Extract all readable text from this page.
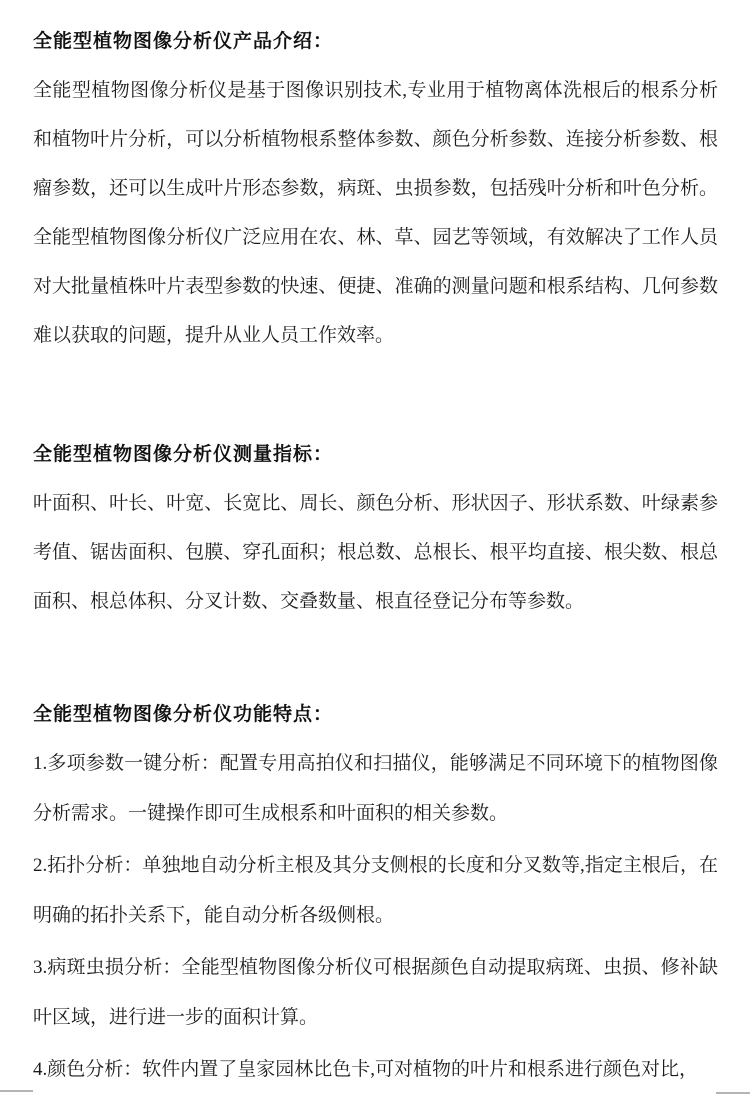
全能型植物图像分析仪产品介绍：

全能型植物图像分析仪是基于图像识别技术,专业用于植物离体洗根后的根系分析和植物叶片分析，可以分析植物根系整体参数、颜色分析参数、连接分析参数、根瘤参数，还可以生成叶片形态参数，病斑、虫损参数，包括残叶分析和叶色分析。全能型植物图像分析仪广泛应用在农、林、草、园艺等领域，有效解决了工作人员对大批量植株叶片表型参数的快速、便捷、准确的测量问题和根系结构、几何参数难以获取的问题，提升从业人员工作效率。

全能型植物图像分析仪测量指标：

叶面积、叶长、叶宽、长宽比、周长、颜色分析、形状因子、形状系数、叶绿素参考值、锯齿面积、包膜、穿孔面积；根总数、总根长、根平均直接、根尖数、根总面积、根总体积、分叉计数、交叠数量、根直径登记分布等参数。

全能型植物图像分析仪功能特点：

1.多项参数一键分析：配置专用高拍仪和扫描仪，能够满足不同环境下的植物图像分析需求。一键操作即可生成根系和叶面积的相关参数。

2.拓扑分析：单独地自动分析主根及其分支侧根的长度和分叉数等,指定主根后，在明确的拓扑关系下，能自动分析各级侧根。

3.病斑虫损分析：全能型植物图像分析仪可根据颜色自动提取病斑、虫损、修补缺叶区域，进行进一步的面积计算。

4.颜色分析：软件内置了皇家园林比色卡,可对植物的叶片和根系进行颜色对比，
